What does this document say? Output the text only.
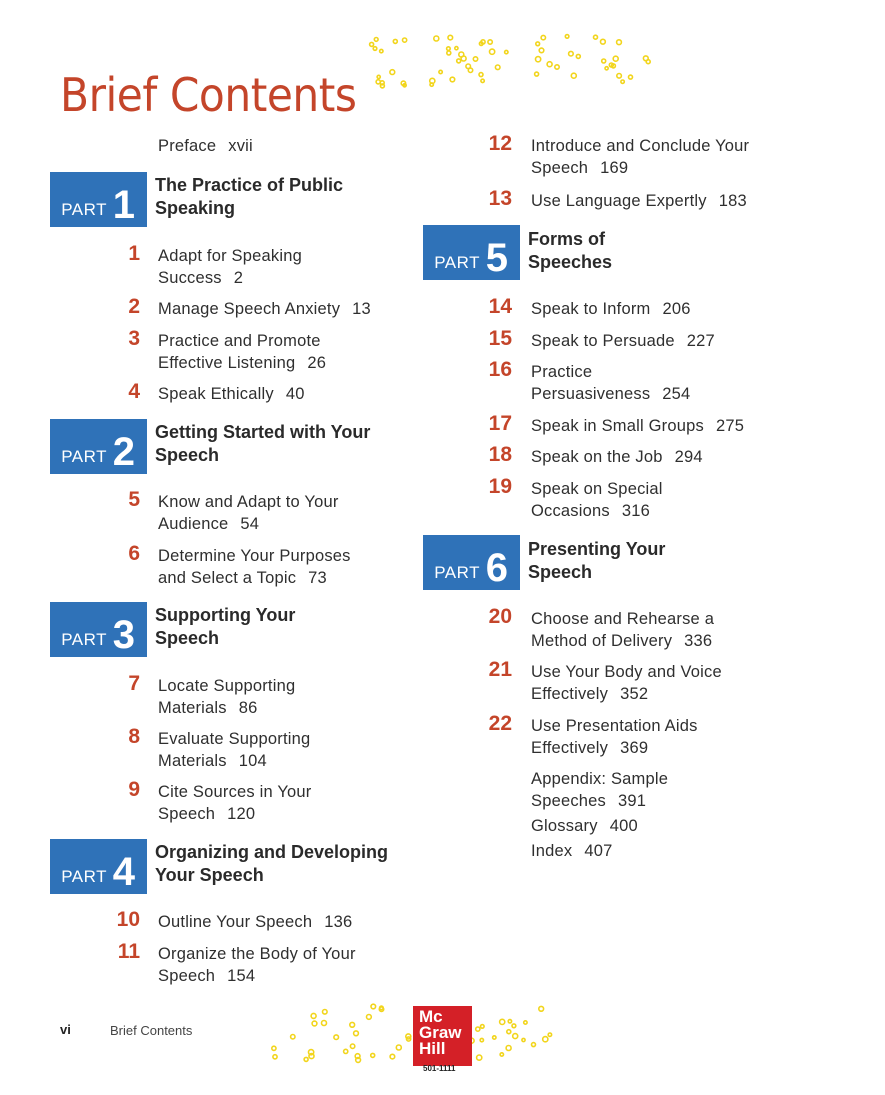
Brief Contents
Preface xvii
PART 1 The Practice of Public
Speaking
1 Adapt for Speaking
Success 2
2 Manage Speech Anxiety 13
3 Practice and Promote
Effective Listening 26
4 Speak Ethically 40
PART 2 Getting Started with Your
Speech
5 Know and Adapt to Your
Audience 54
6 Determine Your Purposes
and Select a Topic 73
PART 3 Supporting Your
Speech
7 Locate Supporting
Materials 86
8 Evaluate Supporting
Materials 104
9 Cite Sources in Your
Speech 120
PART 4 Organizing and Developing
Your Speech
10 Outline Your Speech 136
11 Organize the Body of Your
Speech 154
12 Introduce and Conclude Your
Speech 169
13 Use Language Expertly 183
PART 5 Forms of
Speeches
14 Speak to Inform 206
15 Speak to Persuade 227
16 Practice
Persuasiveness 254
17 Speak in Small Groups 275
18 Speak on the Job 294
19 Speak on Special
Occasions 316
PART 6 Presenting Your
Speech
20 Choose and Rehearse a
Method of Delivery 336
21 Use Your Body and Voice
Effectively 352
22 Use Presentation Aids
Effectively 369
Appendix: Sample
Speeches 391
Glossary 400
Index 407
vi	Brief Contents
Mc
Graw
Hill
501-1111
